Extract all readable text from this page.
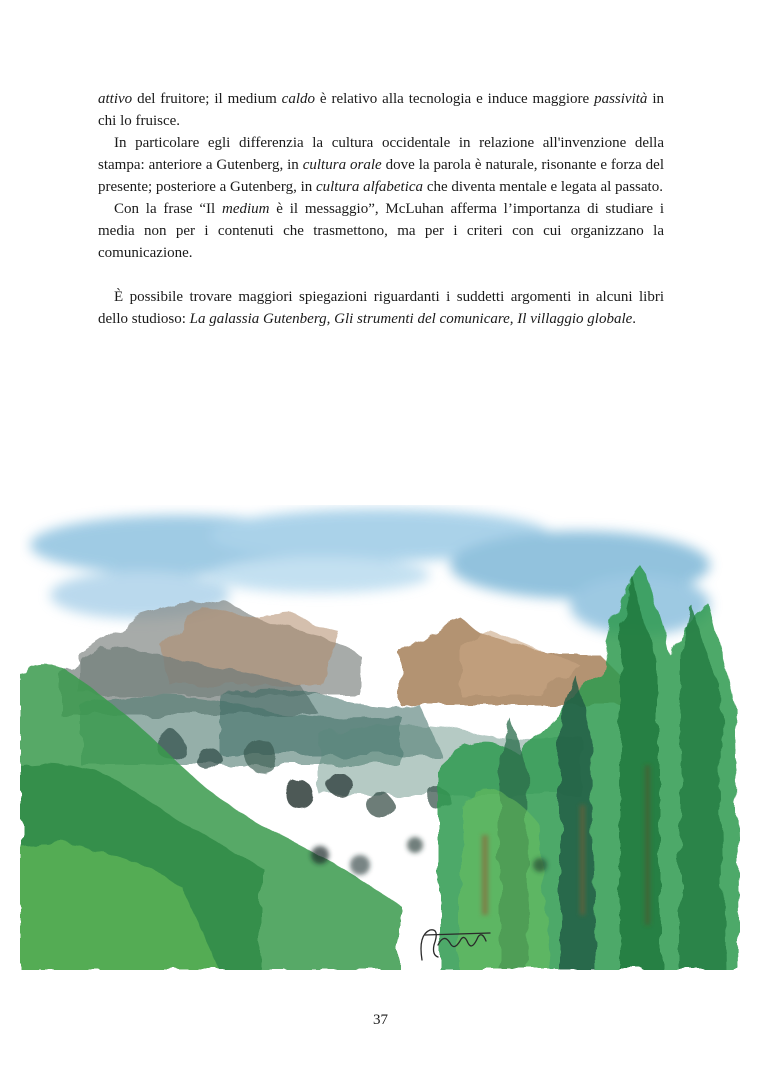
attivo del fruitore; il medium caldo è relativo alla tecnologia e induce maggiore passività in chi lo fruisce.

In particolare egli differenzia la cultura occidentale in relazione all'invenzione della stampa: anteriore a Gutenberg, in cultura orale dove la parola è naturale, risonante e forza del presente; posteriore a Gutenberg, in cultura alfabetica che diventa mentale e legata al passato.

Con la frase “Il medium è il messaggio”, McLuhan afferma l’importanza di studiare i media non per i contenuti che trasmettono, ma per i criteri con cui organizzano la comunicazione.

È possibile trovare maggiori spiegazioni riguardanti i suddetti argomenti in alcuni libri dello studioso: La galassia Gutenberg, Gli strumenti del comunicare, Il villaggio globale.

37
